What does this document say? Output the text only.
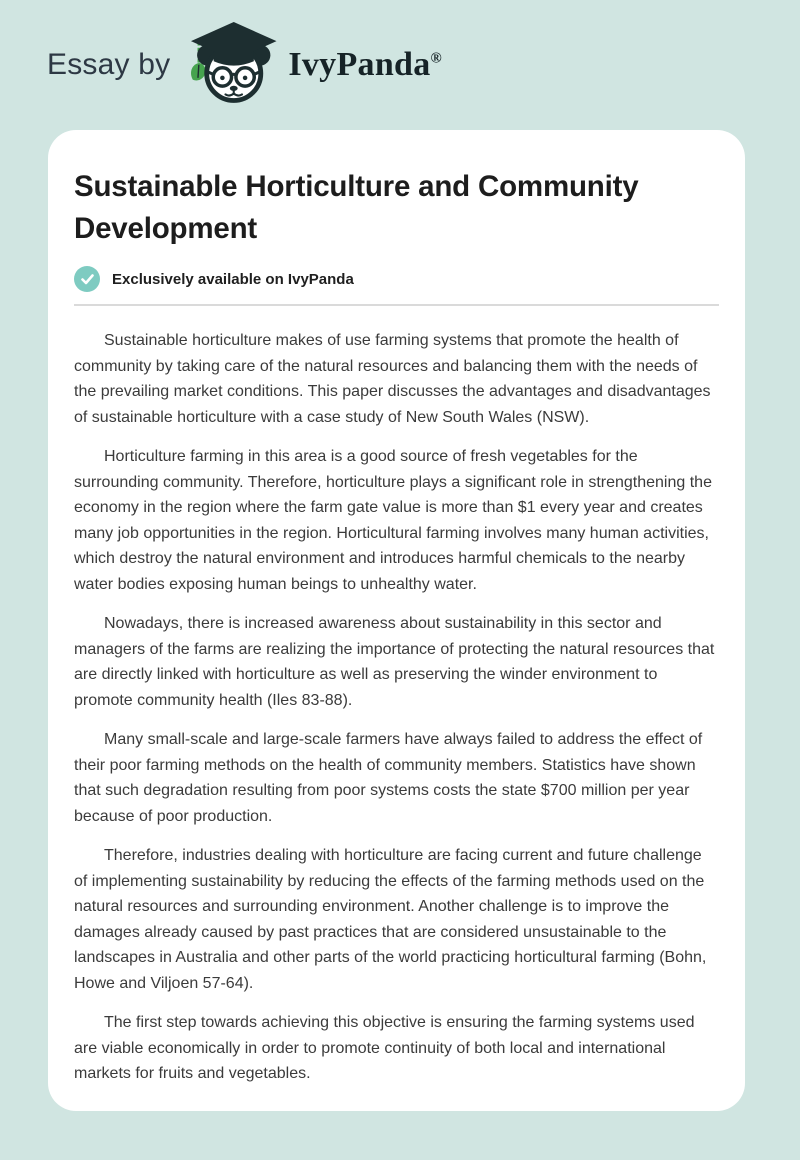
Essay by	IvyPanda®
Sustainable Horticulture and Community Development
Exclusively available on IvyPanda

Sustainable horticulture makes of use farming systems that promote the health of community by taking care of the natural resources and balancing them with the needs of the prevailing market conditions. This paper discusses the advantages and disadvantages of sustainable horticulture with a case study of New South Wales (NSW).

Horticulture farming in this area is a good source of fresh vegetables for the surrounding community. Therefore, horticulture plays a significant role in strengthening the economy in the region where the farm gate value is more than $1 every year and creates many job opportunities in the region. Horticultural farming involves many human activities, which destroy the natural environment and introduces harmful chemicals to the nearby water bodies exposing human beings to unhealthy water.

Nowadays, there is increased awareness about sustainability in this sector and managers of the farms are realizing the importance of protecting the natural resources that are directly linked with horticulture as well as preserving the winder environment to promote community health (Iles 83-88).

Many small-scale and large-scale farmers have always failed to address the effect of their poor farming methods on the health of community members. Statistics have shown that such degradation resulting from poor systems costs the state $700 million per year because of poor production.

Therefore, industries dealing with horticulture are facing current and future challenge of implementing sustainability by reducing the effects of the farming methods used on the natural resources and surrounding environment. Another challenge is to improve the damages already caused by past practices that are considered unsustainable to the landscapes in Australia and other parts of the world practicing horticultural farming (Bohn, Howe and Viljoen 57-64).

The first step towards achieving this objective is ensuring the farming systems used are viable economically in order to promote continuity of both local and international markets for fruits and vegetables.
